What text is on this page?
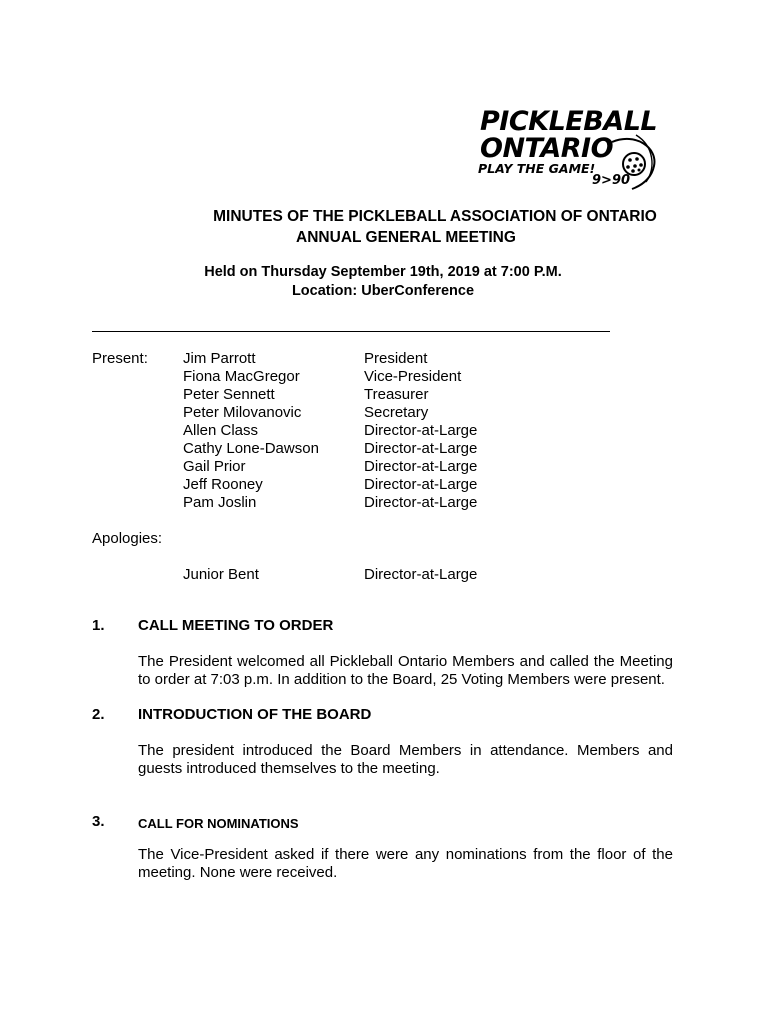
PICKLEBALL
ONTARIO
PLAY THE GAME!
9>90
MINUTES OF THE PICKLEBALL ASSOCIATION OF ONTARIO
ANNUAL GENERAL MEETING
Held on Thursday September 19th, 2019 at 7:00 P.M.
Location: UberConference
Present: Jim Parrott	President
Fiona MacGregor	Vice-President
Peter Sennett	Treasurer
Peter Milovanovic	Secretary
Allen Class	Director-at-Large
Cathy Lone-Dawson	Director-at-Large
Gail Prior	Director-at-Large
Jeff Rooney	Director-at-Large
Pam Joslin	Director-at-Large
Apologies:
Junior Bent	Director-at-Large
1. CALL MEETING TO ORDER
The President welcomed all Pickleball Ontario Members and called the Meeting
to order at 7:03 p.m. In addition to the Board, 25 Voting Members were present.
2. INTRODUCTION OF THE BOARD
The president introduced the Board Members in attendance. Members and
guests introduced themselves to the meeting.
3.	CALL FOR NOMINATIONS
The Vice-President asked if there were any nominations from the floor of the
meeting. None were received.
